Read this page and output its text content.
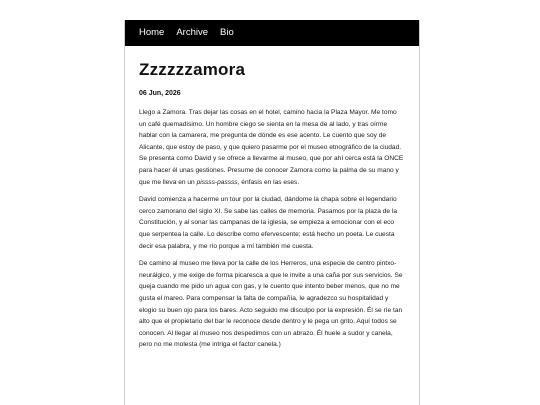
Home Archive Bio
Zzzzzzamora

06 Jun, 2026

Llego a Zamora. Tras dejar las cosas en el hotel, camino hacia la Plaza Mayor. Me tomo un café quemadísimo. Un hombre ciego se sienta en la mesa de al lado, y tras oírme hablar con la camarera, me pregunta de dónde es ese acento. Le cuento que soy de Alicante, que estoy de paso, y que quiero pasarme por el museo etnográfico de la ciudad. Se presenta como David y se ofrece a llevarme al museo, que por ahí cerca está la ONCE para hacer él unas gestiones. Presume de conocer Zamora como la palma de su mano y que me lleva en un pissss-passss, énfasis en las eses.

David comienza a hacerme un tour por la ciudad, dándome la chapa sobre el legendario cerco zamorano del siglo XI. Se sabe las calles de memoria. Pasamos por la plaza de la Constitución, y al sonar las campanas de la iglesia, se empieza a emocionar con el eco que serpentea la calle. Lo describe como efervescente; está hecho un poeta. Le cuesta decir esa palabra, y me río porque a mí también me cuesta.

De camino al museo me lleva por la calle de los Herreros, una especie de centro pintxo-neurálgico, y me exige de forma picaresca a que le invite a una caña por sus servicios. Se queja cuando me pido un agua con gas, y le cuento que intento beber menos, que no me gusta el mareo. Para compensar la falta de compañía, le agradezco su hospitalidad y elogio su buen ojo para los bares. Acto seguido me disculpo por la expresión. Él se ríe tan alto que el propietario del bar le reconoce desde dentro y le pega un grito. Aquí todos se conocen. Al llegar al museo nos despedimos con un abrazo. Él huele a sudor y canela, pero no me molesta (me intriga el factor canela.)
